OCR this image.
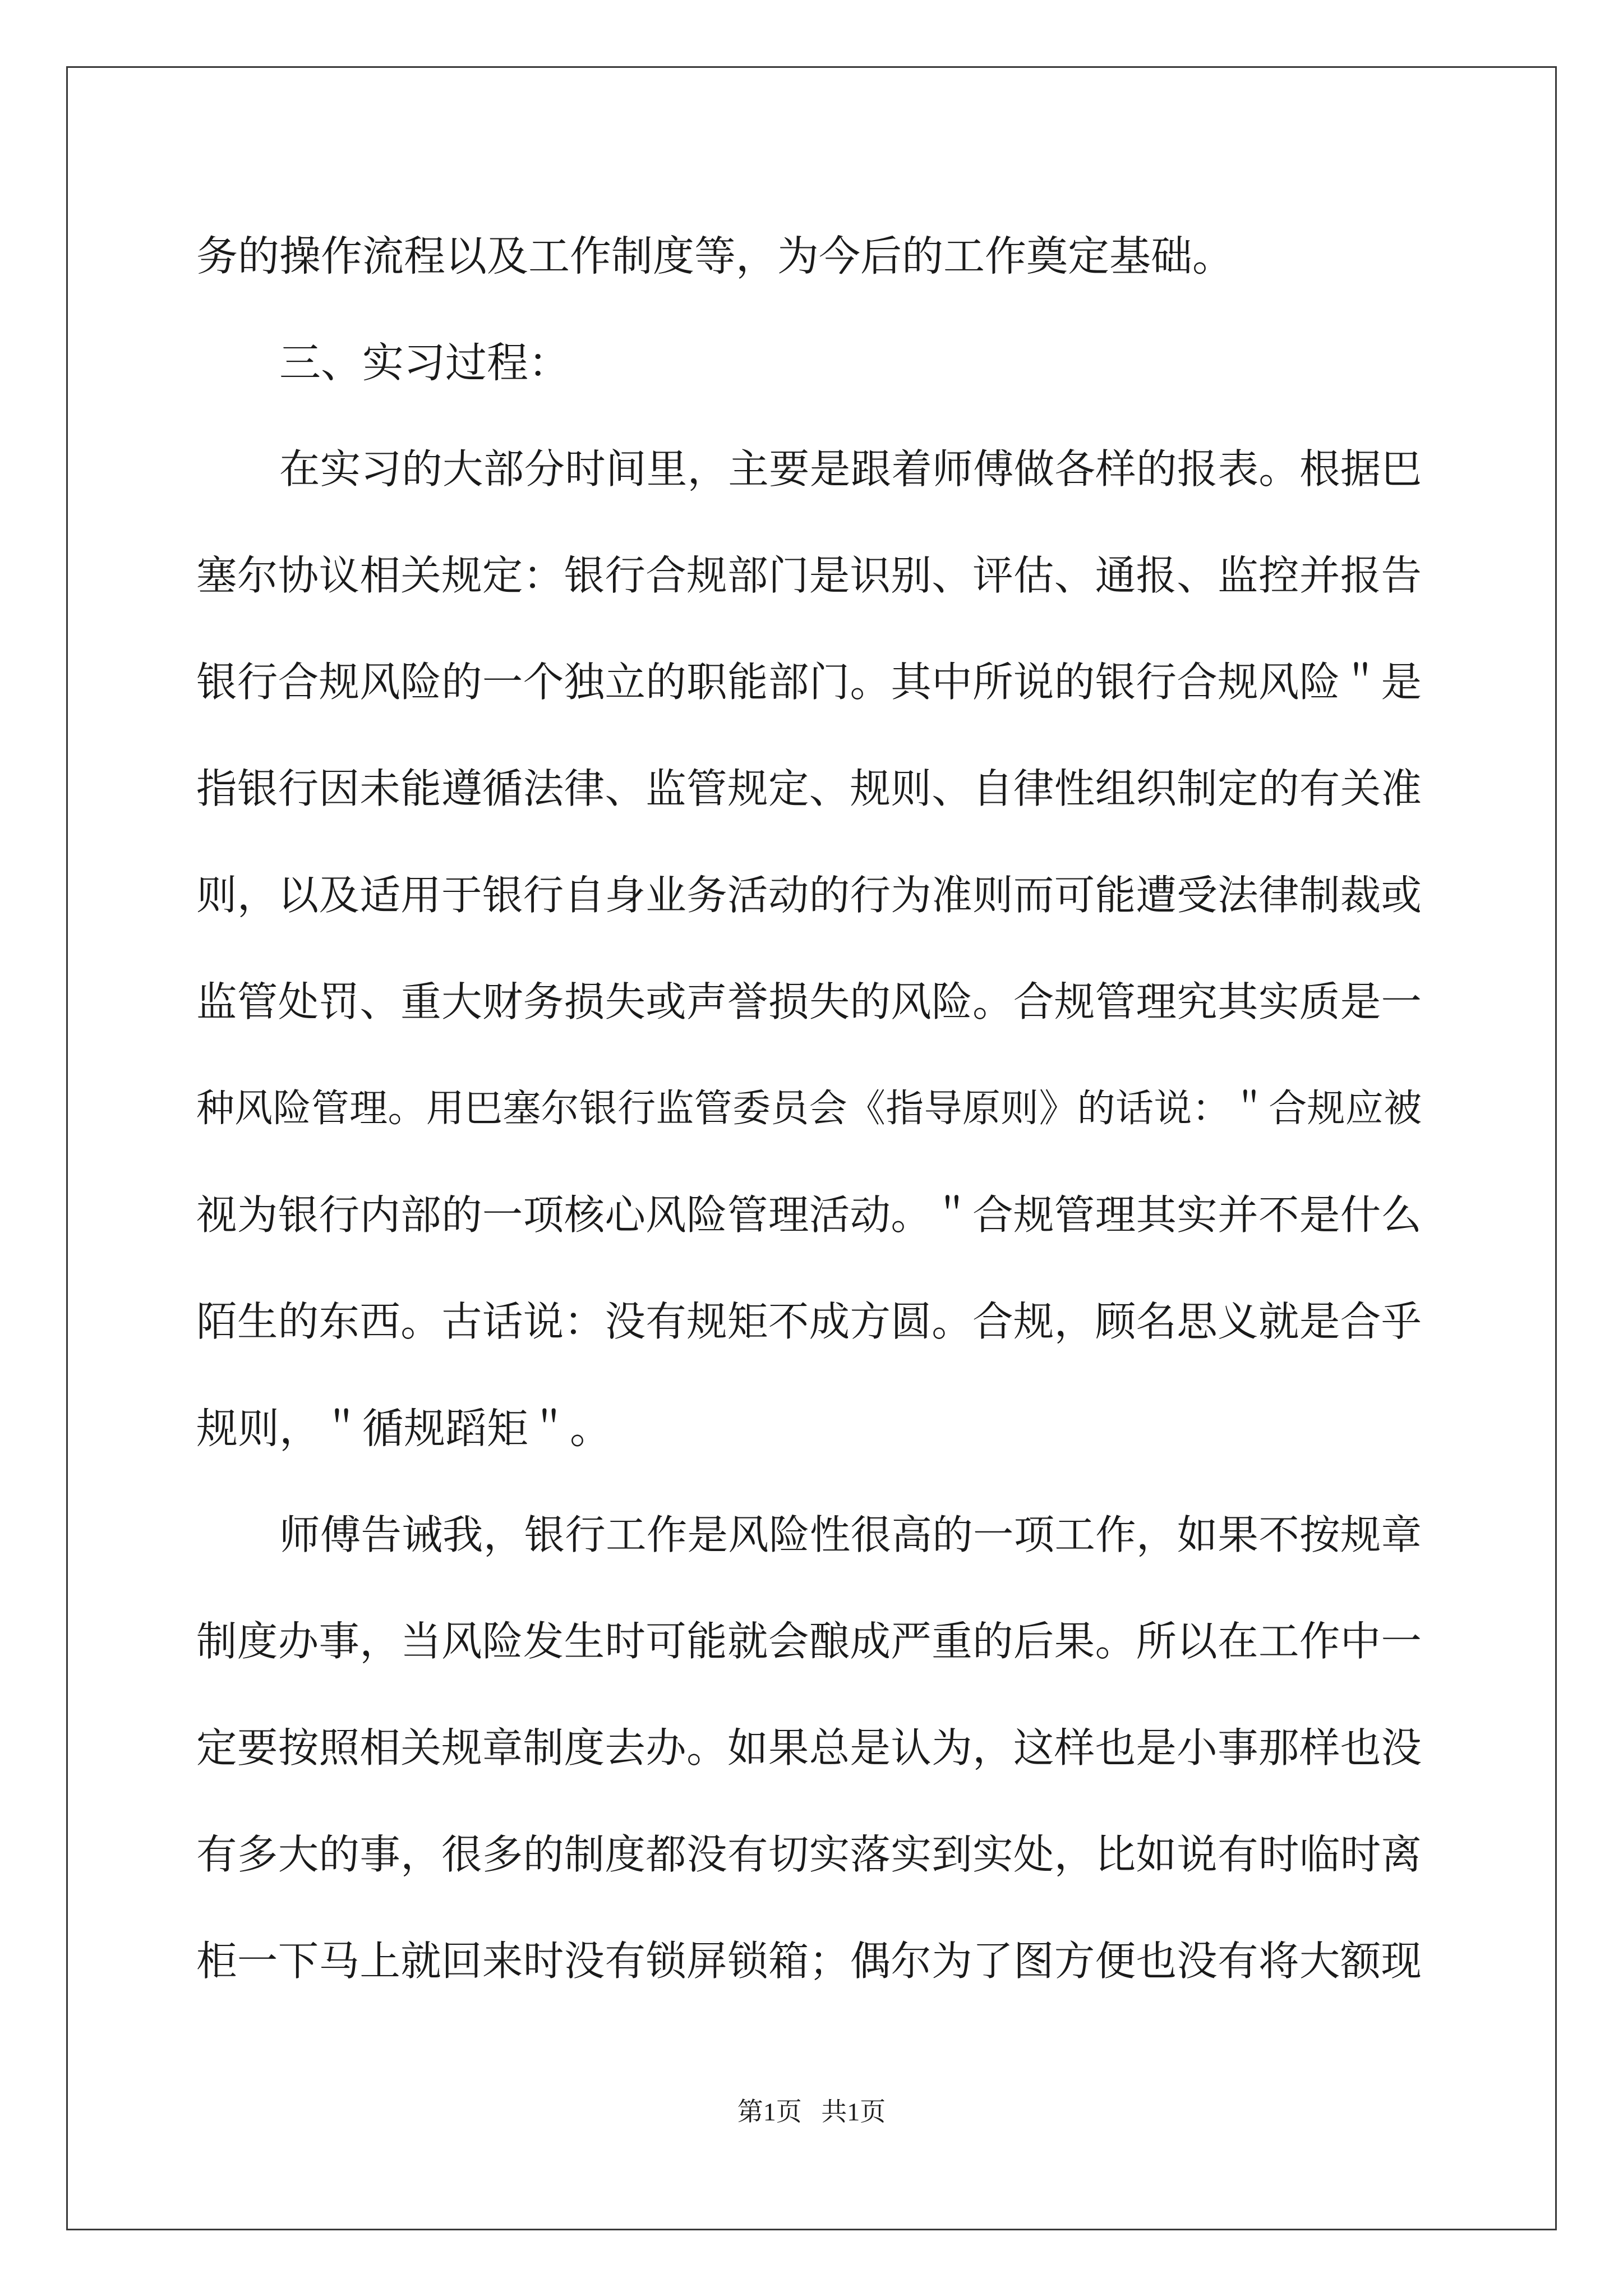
务的操作流程以及工作制度等，为今后的工作奠定基础。
三、实习过程：
在实习的大部分时间里，主要是跟着师傅做各样的报表。根据巴
塞尔协议相关规定：银行合规部门是识别、评估、通报、监控并报告
银行合规风险的一个独立的职能部门。其中所说的银行合规风险＂是
指银行因未能遵循法律、监管规定、规则、自律性组织制定的有关准
则，以及适用于银行自身业务活动的行为准则而可能遭受法律制裁或
监管处罚、重大财务损失或声誉损失的风险。合规管理究其实质是一
种风险管理。用巴塞尔银行监管委员会《指导原则》的话说：＂合规应被
视为银行内部的一项核心风险管理活动。＂合规管理其实并不是什么
陌生的东西。古话说：没有规矩不成方圆。合规，顾名思义就是合乎
规则，＂循规蹈矩＂。
师傅告诫我，银行工作是风险性很高的一项工作，如果不按规章
制度办事，当风险发生时可能就会酿成严重的后果。所以在工作中一
定要按照相关规章制度去办。如果总是认为，这样也是小事那样也没
有多大的事，很多的制度都没有切实落实到实处，比如说有时临时离
柜一下马上就回来时没有锁屏锁箱；偶尔为了图方便也没有将大额现
第1页   共1页
